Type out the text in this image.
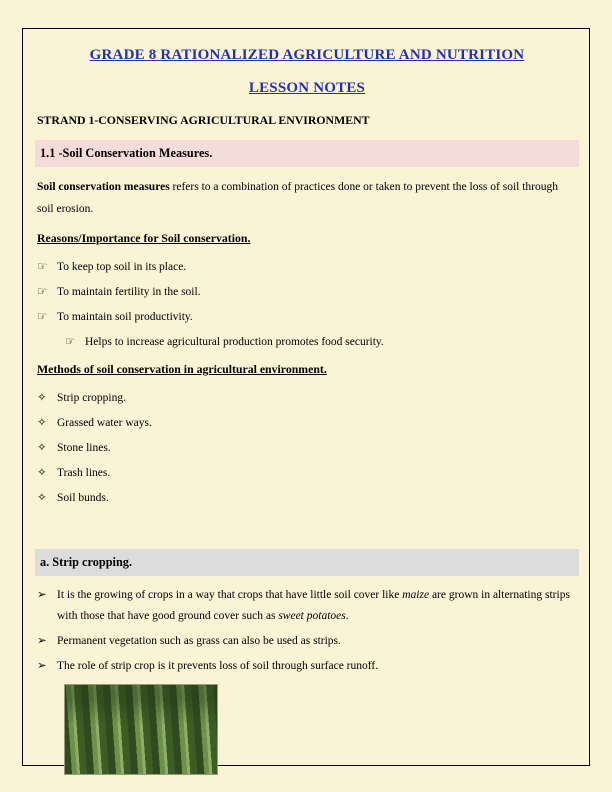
GRADE 8 RATIONALIZED AGRICULTURE AND NUTRITION
LESSON NOTES
STRAND 1-CONSERVING AGRICULTURAL ENVIRONMENT
1.1 -Soil Conservation Measures.

Soil conservation measures refers to a combination of practices done or taken to prevent the loss of soil through soil erosion.

Reasons/Importance for Soil conservation.
☞ To keep top soil in its place.
☞ To maintain fertility in the soil.
☞ To maintain soil productivity.
☞ Helps to increase agricultural production promotes food security.
Methods of soil conservation in agricultural environment.
✧ Strip cropping.
✧ Grassed water ways.
✧ Stone lines.
✧ Trash lines.
✧ Soil bunds.
a. Strip cropping.
➢ It is the growing of crops in a way that crops that have little soil cover like maize are grown in alternating strips with those that have good ground cover such as sweet potatoes.
➢ Permanent vegetation such as grass can also be used as strips.
➢ The role of strip crop is it prevents loss of soil through surface runoff.
